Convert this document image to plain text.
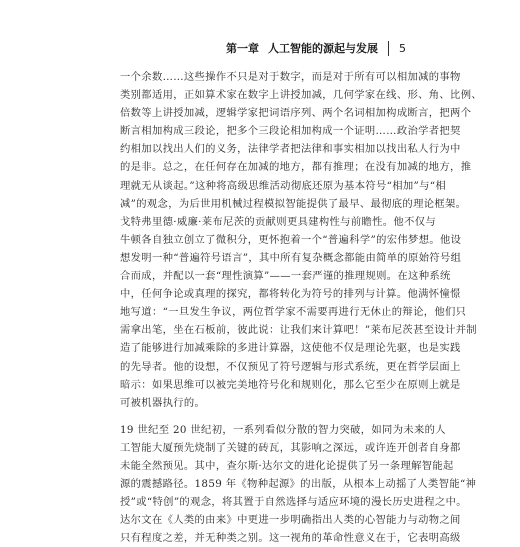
第一章 人工智能的源起与发展 5
一个余数……这些操作不只是对于数字，而是对于所有可以相加减的事物
类别都适用，正如算术家在数字上讲授加减，几何学家在线、形、角、比例、
倍数等上讲授加减，逻辑学家把词语序列、两个名词相加构成断言，把两个
断言相加构成三段论，把多个三段论相加构成一个证明……政治学者把契
约相加以找出人们的义务，法律学者把法律和事实相加以找出私人行为中
的是非。总之，在任何存在加减的地方，都有推理；在没有加减的地方，推
理就无从谈起。”这种将高级思维活动彻底还原为基本符号“相加”与“相
减”的观念，为后世用机械过程模拟智能提供了最早、最彻底的理论框架。
戈特弗里德·威廉·莱布尼茨的贡献则更具建构性与前瞻性。他不仅与
牛顿各自独立创立了微积分，更怀抱着一个“普遍科学”的宏伟梦想。他设
想发明一种“普遍符号语言”，其中所有复杂概念都能由简单的原始符号组
合而成，并配以一套“理性演算”——一套严谨的推理规则。在这种系统
中，任何争论或真理的探究，都将转化为符号的排列与计算。他满怀憧憬
地写道：“一旦发生争议，两位哲学家不需要再进行无休止的辩论，他们只
需拿出笔，坐在石板前，彼此说：让我们来计算吧！”莱布尼茨甚至设计并制
造了能够进行加减乘除的多进计算器，这使他不仅是理论先驱，也是实践
的先导者。他的设想，不仅预见了符号逻辑与形式系统，更在哲学层面上
暗示：如果思维可以被完美地符号化和规则化，那么它至少在原则上就是
可被机器执行的。
19 世纪至 20 世纪初，一系列看似分散的智力突破，如同为未来的人
工智能大厦预先烧制了关键的砖瓦，其影响之深远，或许连开创者自身都
未能全然预见。其中，查尔斯·达尔文的进化论提供了另一条理解智能起
源的震撼路径。1859 年《物种起源》的出版，从根本上动摇了人类智能“神
授”或“特创”的观念，将其置于自然选择与适应环境的漫长历史进程之中。
达尔文在《人类的由来》中更进一步明确指出人类的心智能力与动物之间
只有程度之差，并无种类之别。这一视角的革命性意义在于，它表明高级
